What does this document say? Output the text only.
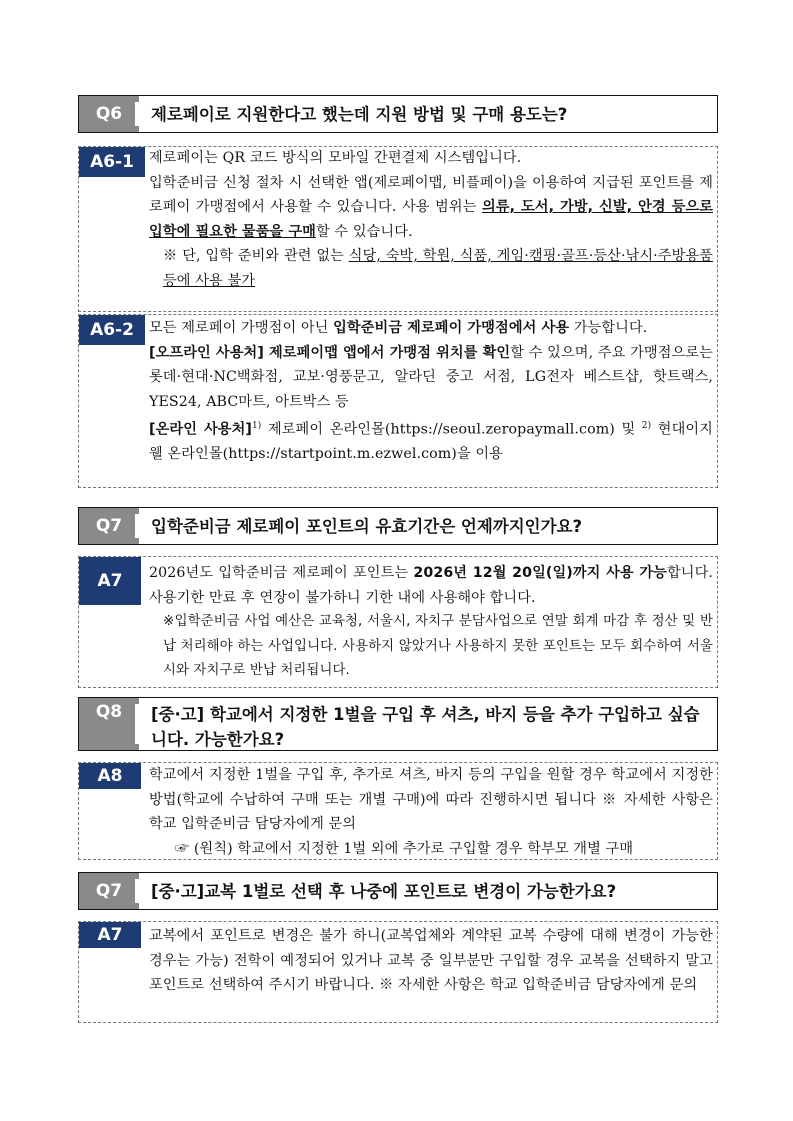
Q6	제로페이로 지원한다고 했는데 지원 방법 및 구매 용도는?
A6-1	제로페이는 QR 코드 방식의 모바일 간편결제 시스템입니다.

입학준비금 신청 절차 시 선택한 앱(제로페이맵, 비플페이)을 이용하여 지급된 포인트를 제로페이 가맹점에서 사용할 수 있습니다. 사용 범위는 의류, 도서, 가방, 신발, 안경 등으로 입학에 필요한 물품을 구매할 수 있습니다.

※ 단, 입학 준비와 관련 없는 식당, 숙박, 학원, 식품, 게임·캠핑·골프·등산·낚시·주방용품 등에 사용 불가

A6-2	모든 제로페이 가맹점이 아닌 입학준비금 제로페이 가맹점에서 사용 가능합니다.

[오프라인 사용처] 제로페이맵 앱에서 가맹점 위치를 확인할 수 있으며, 주요 가맹점으로는 롯데·현대·NC백화점, 교보·영풍문고, 알라딘 중고 서점, LG전자 베스트샵, 핫트랙스, YES24, ABC마트, 아트박스 등

[온라인 사용처]$^{1)}$ 제로페이 온라인몰(https://seoul.zeropaymall.com) 및 $^{2)}$ 현대이지웰 온라인몰(https://startpoint.m.ezwel.com)을 이용

Q7	입학준비금 제로페이 포인트의 유효기간은 언제까지인가요?
A7	2026년도 입학준비금 제로페이 포인트는 2026년 12월 20일(일)까지 사용 가능합니다. 사용기한 만료 후 연장이 불가하니 기한 내에 사용해야 합니다.

※입학준비금 사업 예산은 교육청, 서울시, 자치구 분담사업으로 연말 회계 마감 후 정산 및 반납 처리해야 하는 사업입니다. 사용하지 않았거나 사용하지 못한 포인트는 모두 회수하여 서울시와 자치구로 반납 처리됩니다.

Q8	[중·고] 학교에서 지정한 1벌을 구입 후 셔츠, 바지 등을 추가 구입하고 싶습니다. 가능한가요?
A8	학교에서 지정한 1벌을 구입 후, 추가로 셔츠, 바지 등의 구입을 원할 경우 학교에서 지정한 방법(학교에 수납하여 구매 또는 개별 구매)에 따라 진행하시면 됩니다 ※ 자세한 사항은 학교 입학준비금 담당자에게 문의

☞ (원칙) 학교에서 지정한 1벌 외에 추가로 구입할 경우 학부모 개별 구매

Q7	[중·고] 교복 1벌로 선택 후 나중에 포인트로 변경이 가능한가요?
A7	교복에서 포인트로 변경은 불가 하니(교복업체와 계약된 교복 수량에 대해 변경이 가능한 경우는 가능) 전학이 예정되어 있거나 교복 중 일부분만 구입할 경우 교복을 선택하지 말고 포인트로 선택하여 주시기 바랍니다. ※ 자세한 사항은 학교 입학준비금 담당자에게 문의
